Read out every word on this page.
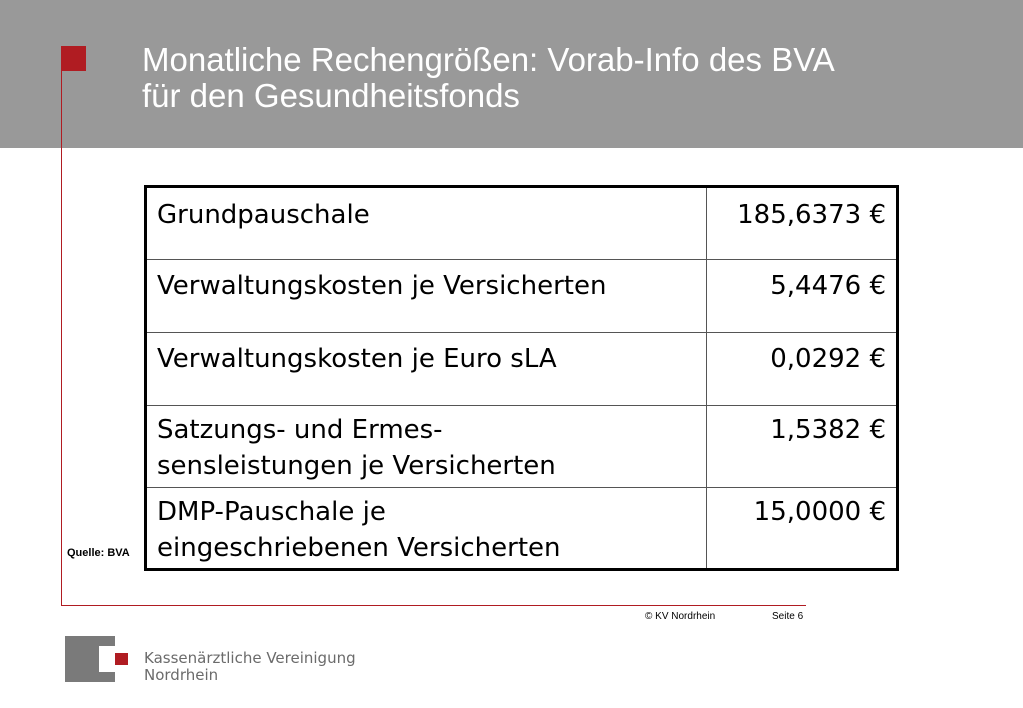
Monatliche Rechengrößen: Vorab-Info des BVA
für den Gesundheitsfonds
Grundpauschale	185,6373 €
Verwaltungskosten je Versicherten	5,4476 €
Verwaltungskosten je Euro sLA	0,0292 €

Satzungs- und Ermes-
sensleistungen je Versicherten	1,5382 €

DMP-Pauschale je
eingeschriebenen Versicherten	15,0000 €

Quelle: BVA

© KV Nordrhein	Seite 6
Kassenärztliche Vereinigung
Nordrhein
